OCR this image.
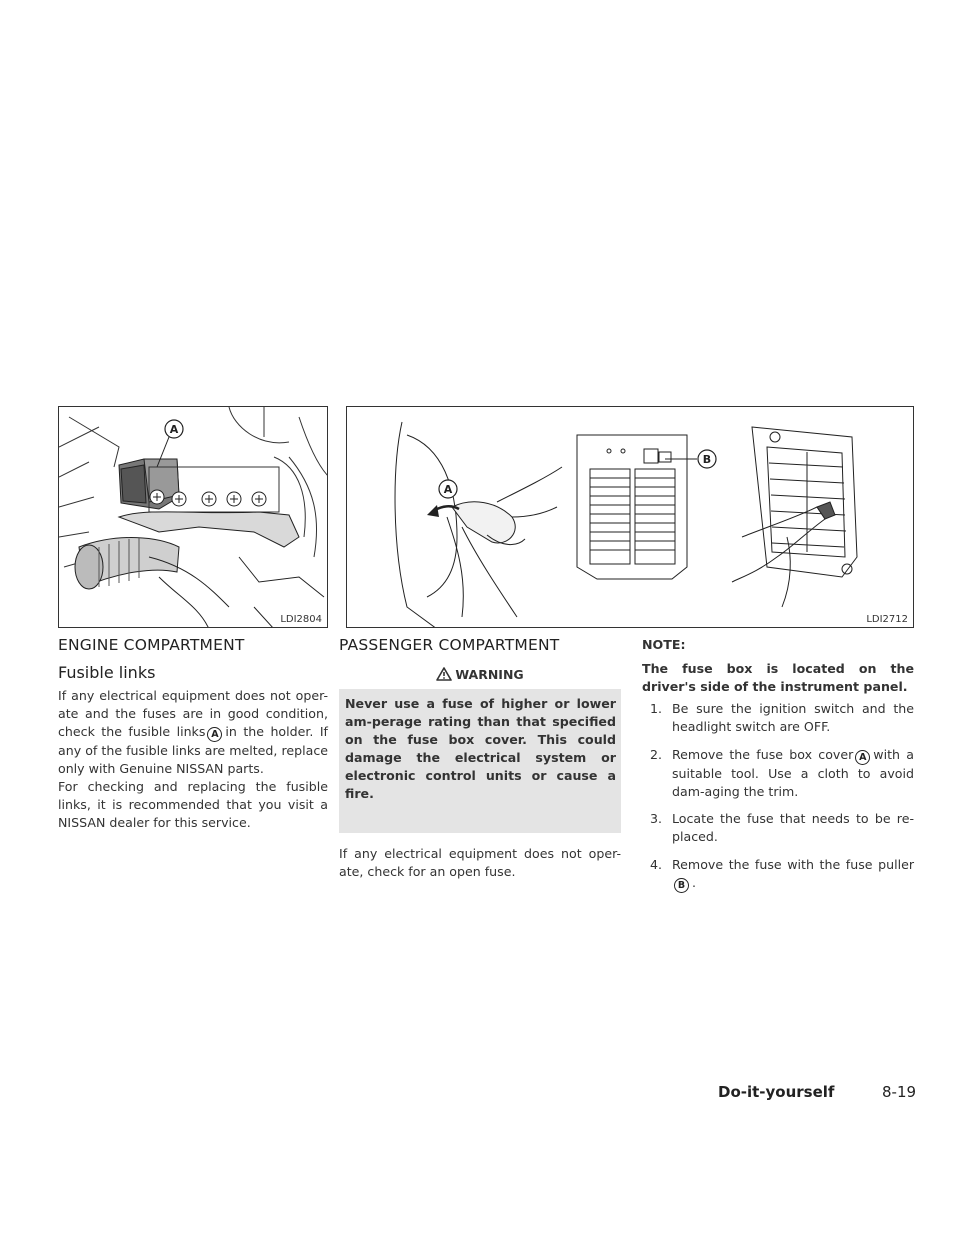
A
LDI2804
A
B
LDI2712
ENGINE COMPARTMENT
Fusible links

If any electrical equipment does not oper-ate and the fuses are in good condition, check the fusible links A in the holder. If any of the fusible links are melted, replace only with Genuine NISSAN parts.

For checking and replacing the fusible links, it is recommended that you visit a NISSAN dealer for this service.

PASSENGER COMPARTMENT
WARNING
Never use a fuse of higher or lower am-perage rating than that specified on the fuse box cover. This could damage the electrical system or electronic control units or cause a fire.

If any electrical equipment does not oper-ate, check for an open fuse.

NOTE:

The fuse box is located on the driver's side of the instrument panel.

1. Be sure the ignition switch and the headlight switch are OFF.
2. Remove the fuse box cover A with a suitable tool. Use a cloth to avoid dam-aging the trim.
3. Locate the fuse that needs to be re-placed.
4. Remove the fuse with the fuse puller B .
Do-it-yourself	8-19
